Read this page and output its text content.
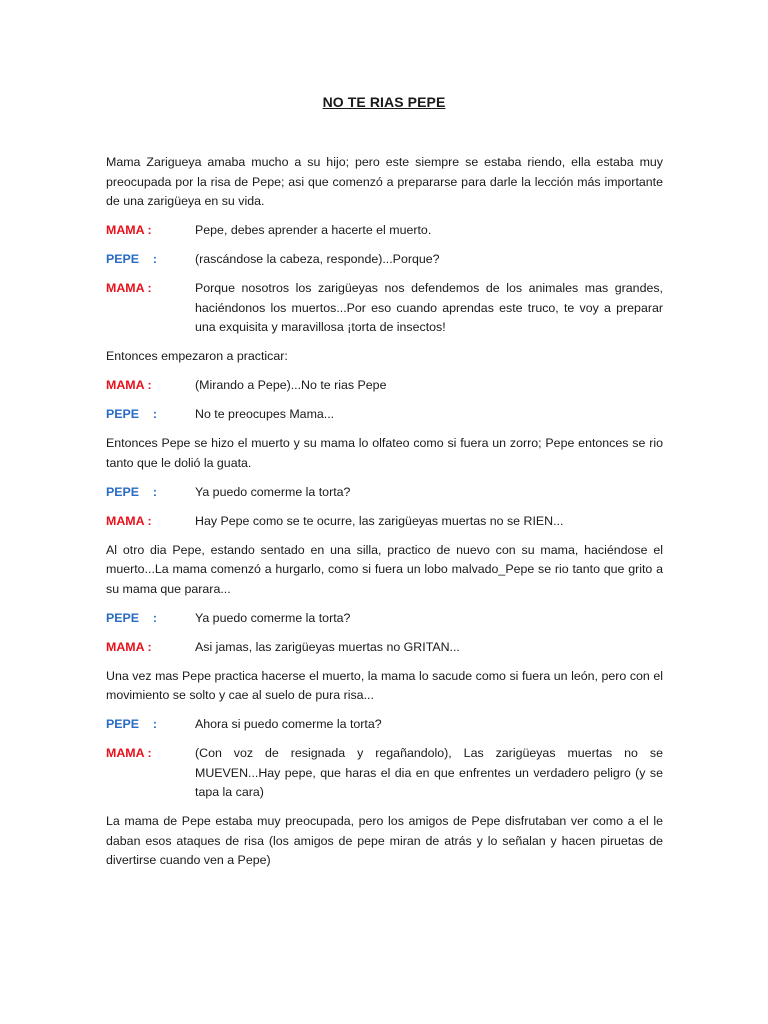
NO TE RIAS PEPE

Mama Zarigueya amaba mucho a su hijo; pero este siempre se estaba riendo, ella estaba muy preocupada por la risa de Pepe; asi que comenzó a prepararse para darle la lección más importante de una zarigüeya en su vida.

MAMA :	Pepe, debes aprender a hacerte el muerto.
PEPE    :	(rascándose la cabeza, responde)...Porque?
MAMA :	Porque nosotros los zarigüeyas nos defendemos de los animales mas grandes, haciéndonos los muertos...Por eso cuando aprendas este truco, te voy a preparar una exquisita y maravillosa ¡torta de insectos!

Entonces empezaron a practicar:

MAMA :	(Mirando a Pepe)...No te rias Pepe
PEPE    :	No te preocupes Mama...

Entonces Pepe se hizo el muerto y su mama lo olfateo como si fuera un zorro; Pepe entonces se rio tanto que le dolió la guata.

PEPE    :	Ya puedo comerme la torta?
MAMA :	Hay Pepe como se te ocurre, las zarigüeyas muertas no se RIEN...

Al otro dia Pepe, estando sentado en una silla, practico de nuevo con su mama, haciéndose el muerto...La mama comenzó a hurgarlo, como si fuera un lobo malvado_Pepe se rio tanto que grito a su mama que parara...

PEPE    :	Ya puedo comerme la torta?
MAMA :	Asi jamas, las zarigüeyas muertas no GRITAN...

Una vez mas Pepe practica hacerse el muerto, la mama lo sacude como si fuera un león, pero con el movimiento se solto y cae al suelo de pura risa...

PEPE    :	Ahora si puedo comerme la torta?
MAMA :	(Con voz de resignada y regañandolo), Las zarigüeyas muertas no se MUEVEN...Hay pepe, que haras el dia en que enfrentes un verdadero peligro (y se tapa la cara)

La mama de Pepe estaba muy preocupada, pero los amigos de Pepe disfrutaban ver como a el le daban esos ataques de risa (los amigos de pepe miran de atrás y lo señalan y hacen piruetas de divertirse cuando ven a Pepe)
